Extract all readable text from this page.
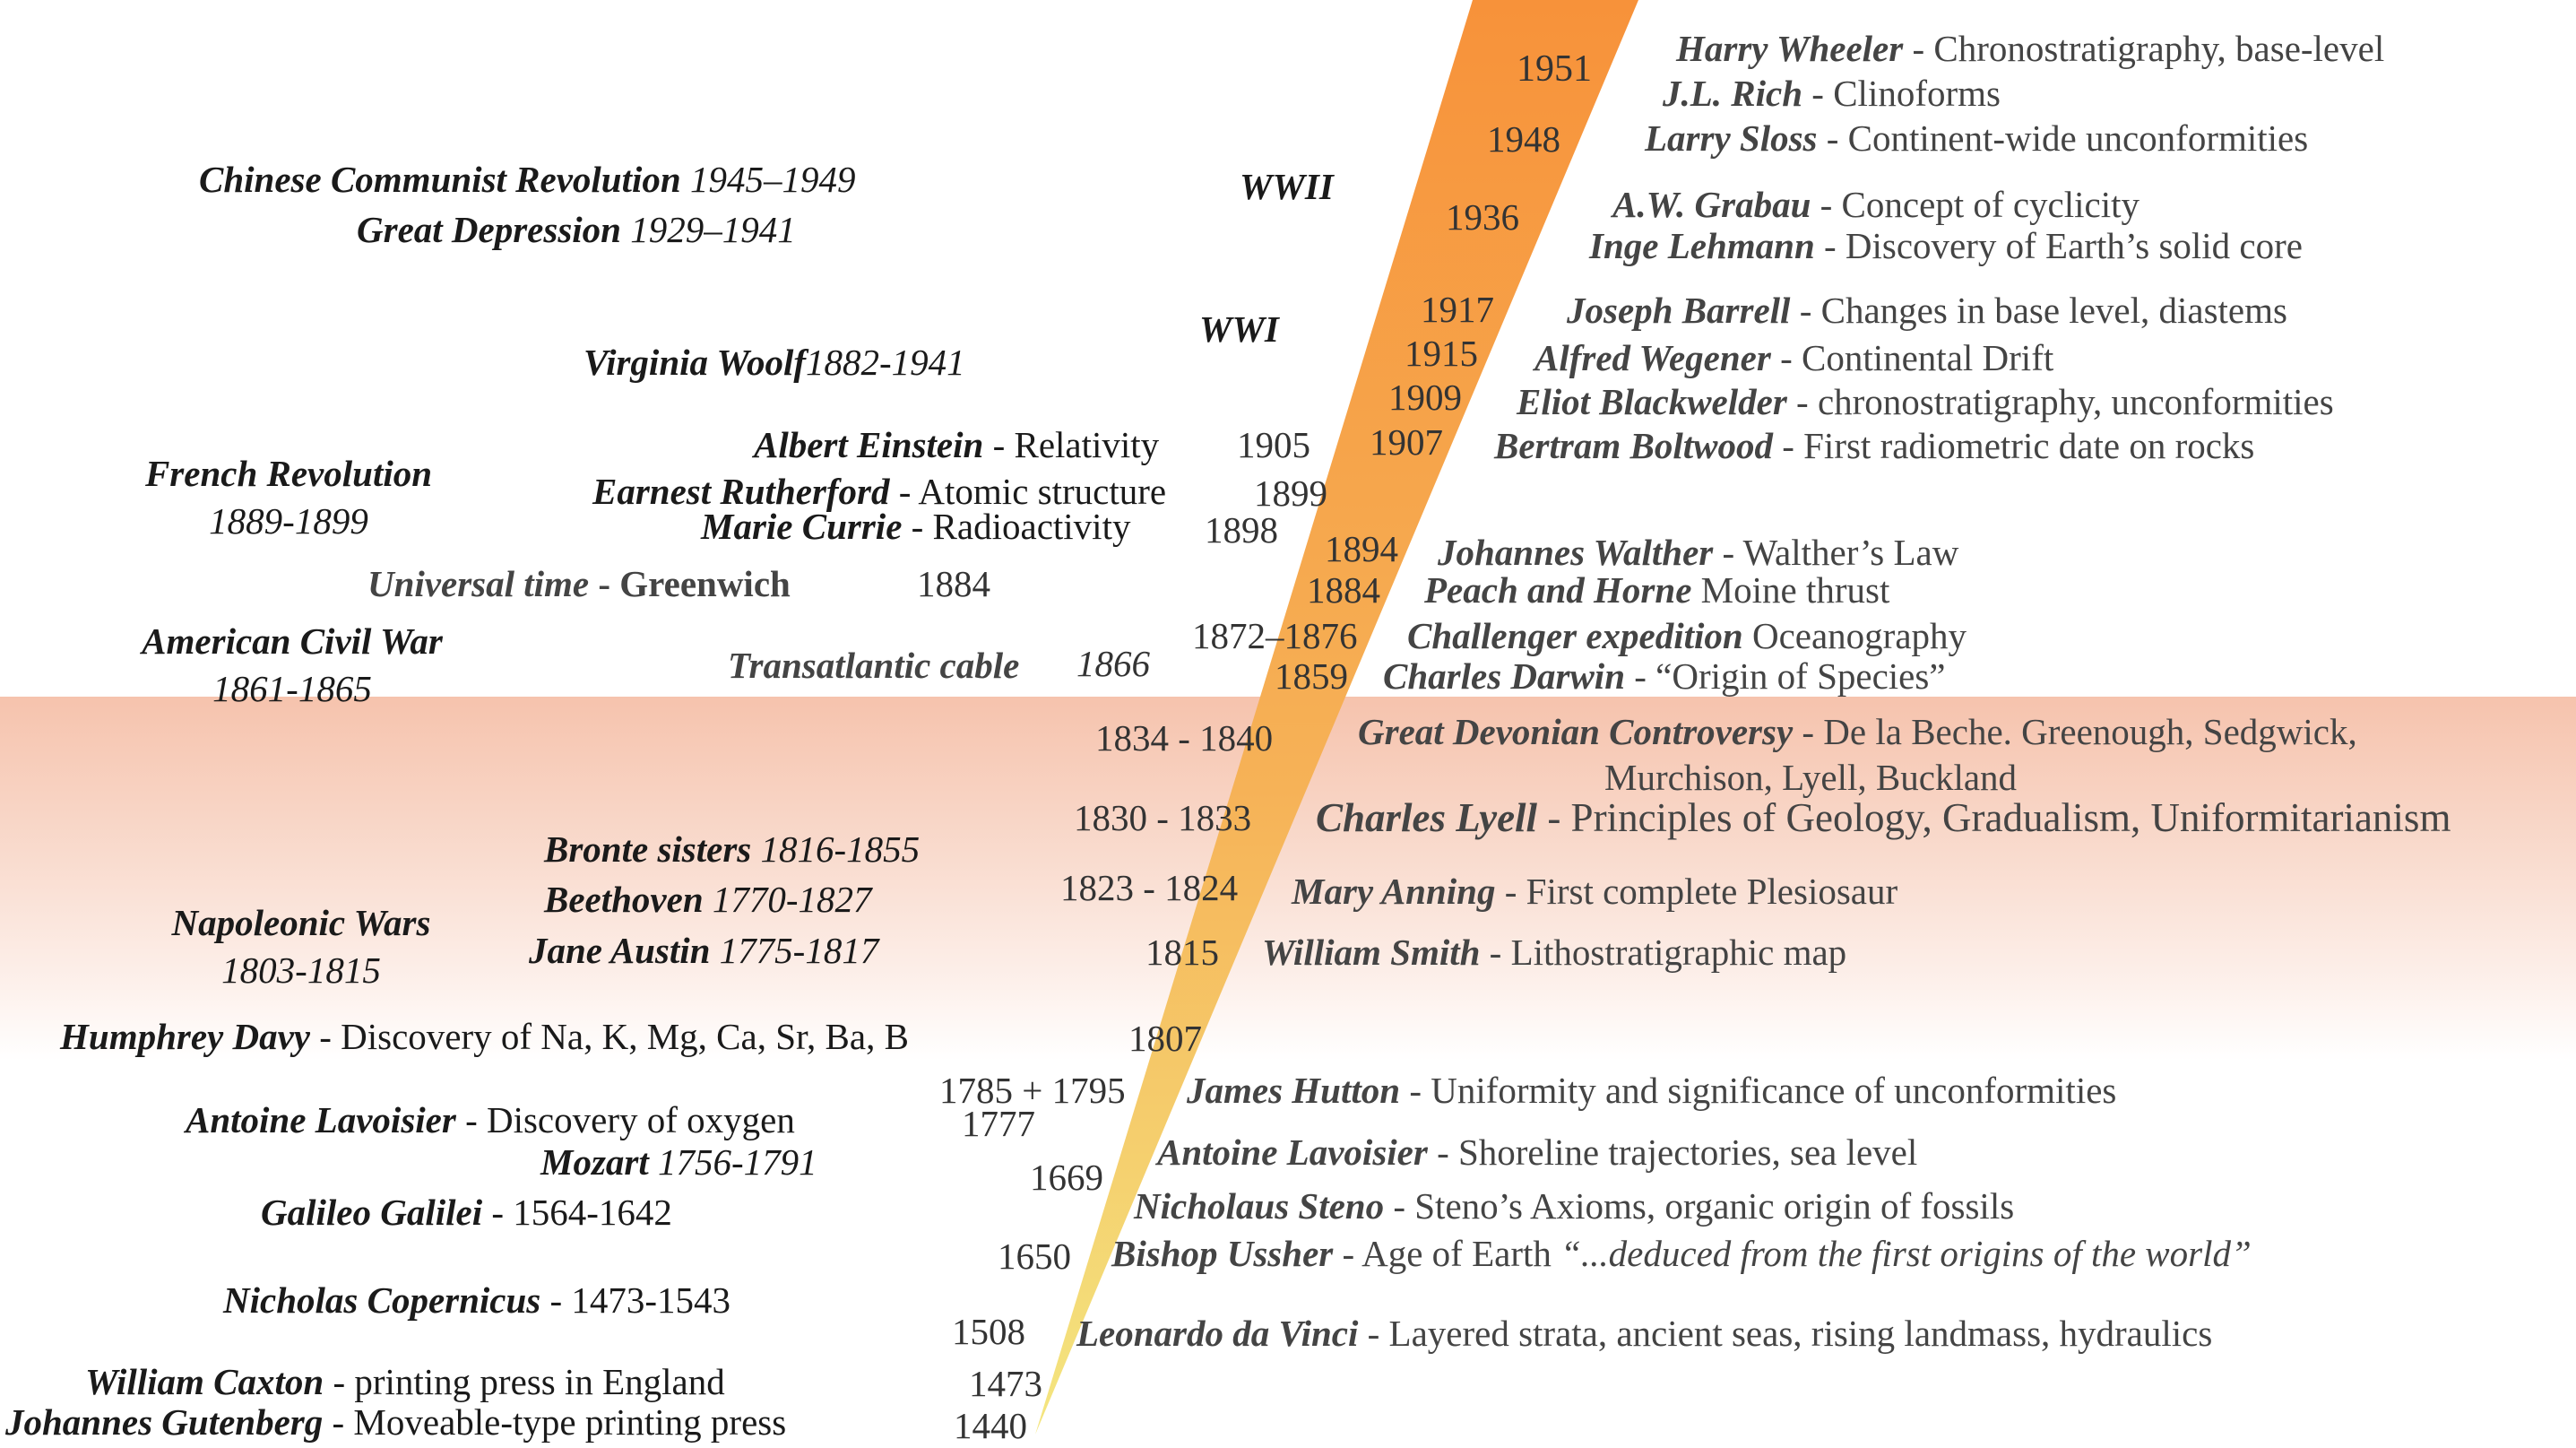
Chinese Communist Revolution 1945–1949
Great Depression 1929–1941
WWII
WWI
Virginia Woolf1882-1941
French Revolution
1889-1899
Albert Einstein - Relativity 1905
Earnest Rutherford - Atomic structure 1899
Marie Currie - Radioactivity 1898
Universal time - Greenwich	1884
American Civil War
1861-1865
Transatlantic cable 1866
Bronte sisters 1816-1855
Beethoven 1770-1827
Napoleonic Wars
1803-1815	Jane Austin 1775-1817
Humphrey Davy - Discovery of Na, K, Mg, Ca, Sr, Ba, B
Antoine Lavoisier - Discovery of oxygen	1777
Mozart 1756-1791
Galileo Galilei - 1564-1642
Nicholas Copernicus - 1473-1543
William Caxton - printing press in England	1473
Johannes Gutenberg - Moveable-type printing press	1440
1951 Harry Wheeler - Chronostratigraphy, base-level
J.L. Rich - Clinoforms
1948 Larry Sloss - Continent-wide unconformities
1936	A.W. Grabau - Concept of cyclicity
Inge Lehmann - Discovery of Earth’s solid core
1917 Joseph Barrell - Changes in base level, diastems
1915 Alfred Wegener - Continental Drift
1909 Eliot Blackwelder - chronostratigraphy, unconformities
1907 Bertram Boltwood - First radiometric date on rocks
1894 Johannes Walther - Walther’s Law
1884 Peach and Horne Moine thrust
1872–1876 Challenger expedition Oceanography
1859 Charles Darwin - “Origin of Species”
1834 - 1840 Great Devonian Controversy - De la Beche. Greenough, Sedgwick,
Murchison, Lyell, Buckland
1830 - 1833 Charles Lyell - Principles of Geology, Gradualism, Uniformitarianism
1823 - 1824 Mary Anning - First complete Plesiosaur
1815 William Smith - Lithostratigraphic map
1807
1785 + 1795 James Hutton - Uniformity and significance of unconformities
Antoine Lavoisier - Shoreline trajectories, sea level
1669
Nicholaus Steno - Steno’s Axioms, organic origin of fossils
1650 Bishop Ussher - Age of Earth “...deduced from the first origins of the world”
1508 Leonardo da Vinci - Layered strata, ancient seas, rising landmass, hydraulics
